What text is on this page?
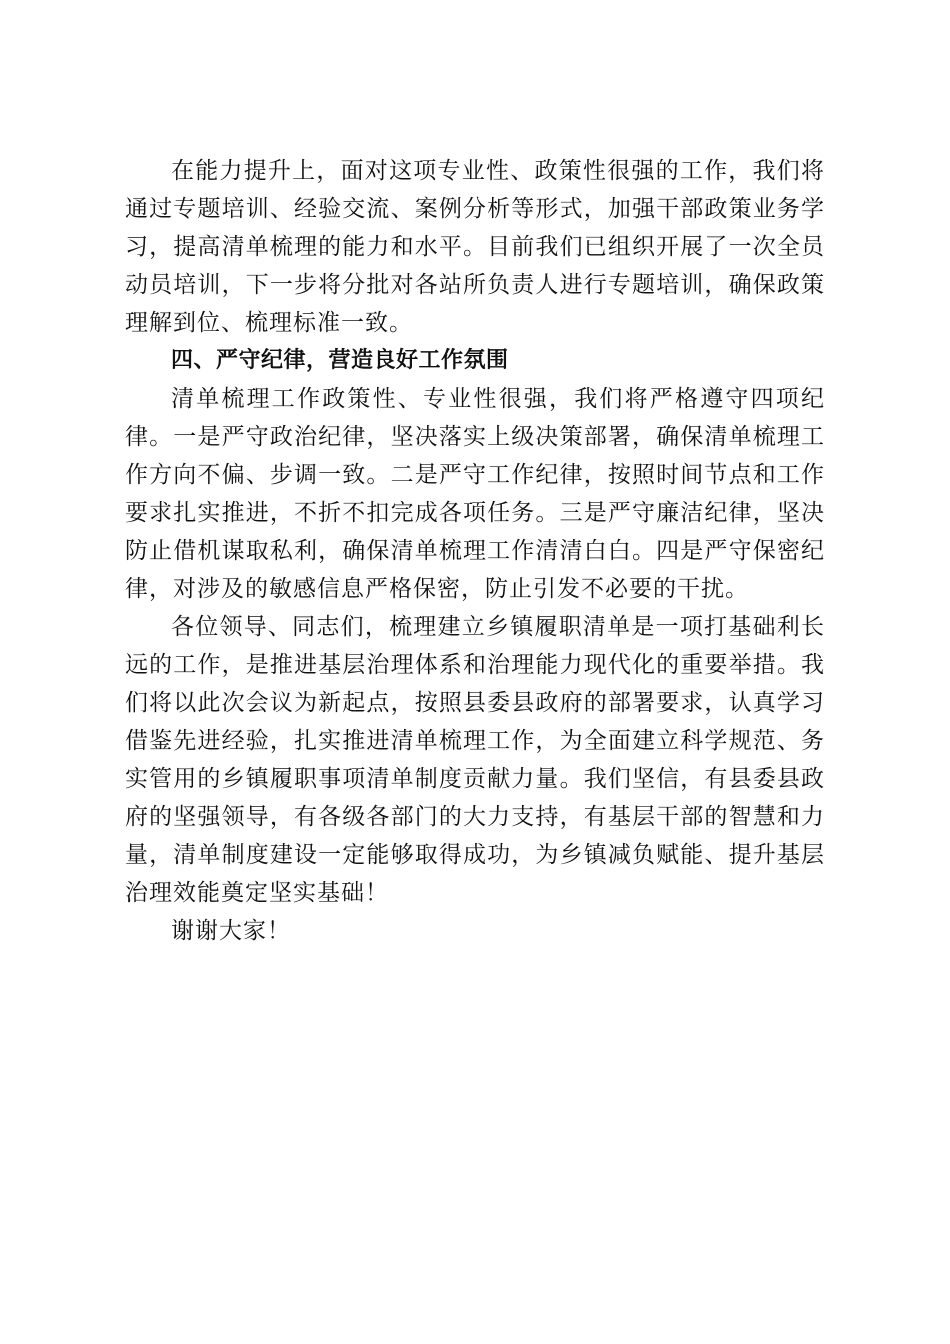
在能力提升上，面对这项专业性、政策性很强的工作，我们将通过专题培训、经验交流、案例分析等形式，加强干部政策业务学习，提高清单梳理的能力和水平。目前我们已组织开展了一次全员动员培训，下一步将分批对各站所负责人进行专题培训，确保政策理解到位、梳理标准一致。

四、严守纪律，营造良好工作氛围

清单梳理工作政策性、专业性很强，我们将严格遵守四项纪律。一是严守政治纪律，坚决落实上级决策部署，确保清单梳理工作方向不偏、步调一致。二是严守工作纪律，按照时间节点和工作要求扎实推进，不折不扣完成各项任务。三是严守廉洁纪律，坚决防止借机谋取私利，确保清单梳理工作清清白白。四是严守保密纪律，对涉及的敏感信息严格保密，防止引发不必要的干扰。

各位领导、同志们，梳理建立乡镇履职清单是一项打基础利长远的工作，是推进基层治理体系和治理能力现代化的重要举措。我们将以此次会议为新起点，按照县委县政府的部署要求，认真学习借鉴先进经验，扎实推进清单梳理工作，为全面建立科学规范、务实管用的乡镇履职事项清单制度贡献力量。我们坚信，有县委县政府的坚强领导，有各级各部门的大力支持，有基层干部的智慧和力量，清单制度建设一定能够取得成功，为乡镇减负赋能、提升基层治理效能奠定坚实基础！

谢谢大家！
